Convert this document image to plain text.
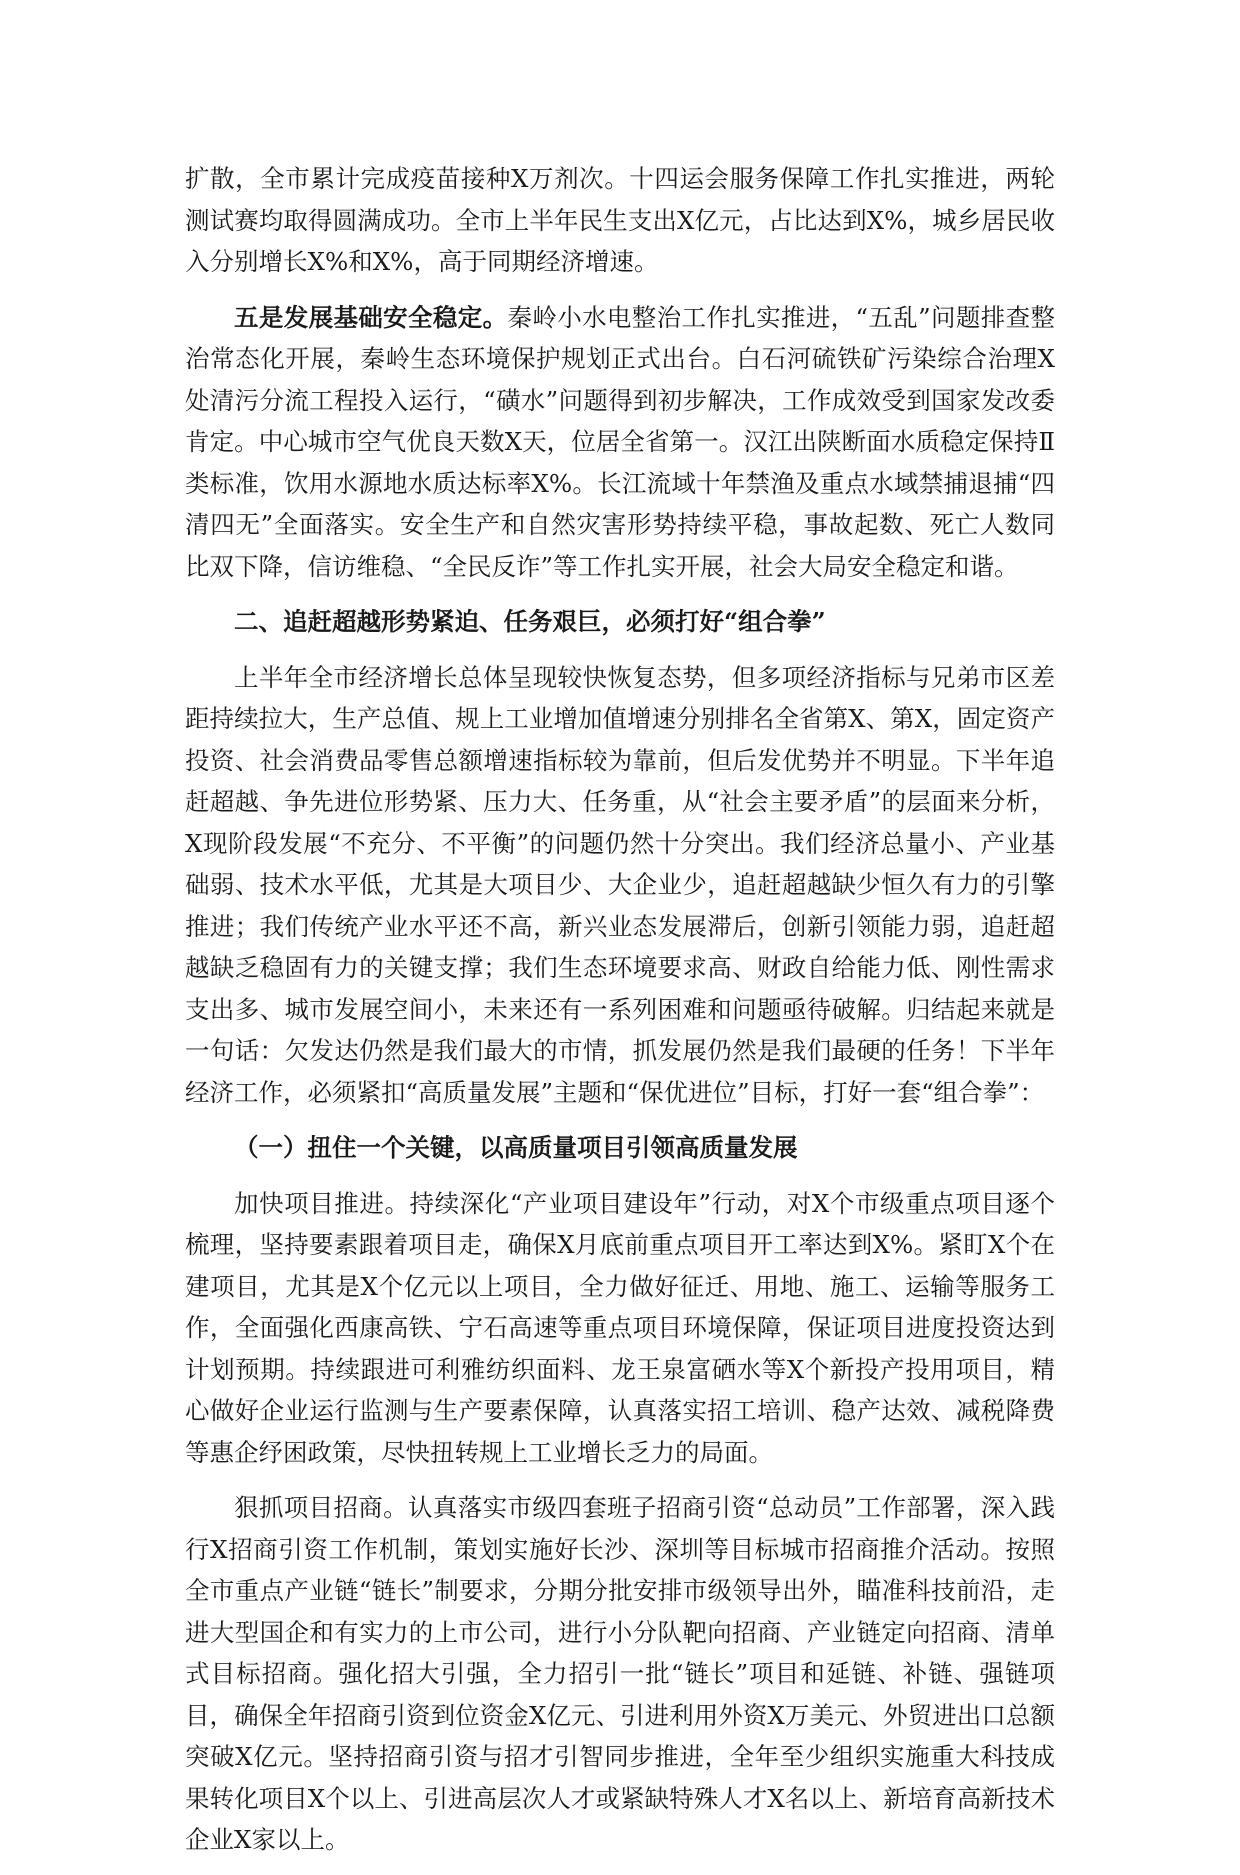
扩散，全市累计完成疫苗接种X万剂次。十四运会服务保障工作扎实推进，两轮测试赛均取得圆满成功。全市上半年民生支出X亿元，占比达到X%，城乡居民收入分别增长X%和X%，高于同期经济增速。

五是发展基础安全稳定。秦岭小水电整治工作扎实推进，“五乱”问题排查整治常态化开展，秦岭生态环境保护规划正式出台。白石河硫铁矿污染综合治理X处清污分流工程投入运行，“磺水”问题得到初步解决，工作成效受到国家发改委肯定。中心城市空气优良天数X天，位居全省第一。汉江出陕断面水质稳定保持Ⅱ类标准，饮用水源地水质达标率X%。长江流域十年禁渔及重点水域禁捕退捕“四清四无”全面落实。安全生产和自然灾害形势持续平稳，事故起数、死亡人数同比双下降，信访维稳、“全民反诈”等工作扎实开展，社会大局安全稳定和谐。

二、追赶超越形势紧迫、任务艰巨，必须打好“组合拳”

上半年全市经济增长总体呈现较快恢复态势，但多项经济指标与兄弟市区差距持续拉大，生产总值、规上工业增加值增速分别排名全省第X、第X，固定资产投资、社会消费品零售总额增速指标较为靠前，但后发优势并不明显。下半年追赶超越、争先进位形势紧、压力大、任务重，从“社会主要矛盾”的层面来分析，X现阶段发展“不充分、不平衡”的问题仍然十分突出。我们经济总量小、产业基础弱、技术水平低，尤其是大项目少、大企业少，追赶超越缺少恒久有力的引擎推进；我们传统产业水平还不高，新兴业态发展滞后，创新引领能力弱，追赶超越缺乏稳固有力的关键支撑；我们生态环境要求高、财政自给能力低、刚性需求支出多、城市发展空间小，未来还有一系列困难和问题亟待破解。归结起来就是一句话：欠发达仍然是我们最大的市情，抓发展仍然是我们最硬的任务！下半年经济工作，必须紧扣“高质量发展”主题和“保优进位”目标，打好一套“组合拳”：

（一）扭住一个关键，以高质量项目引领高质量发展

加快项目推进。持续深化“产业项目建设年”行动，对X个市级重点项目逐个梳理，坚持要素跟着项目走，确保X月底前重点项目开工率达到X%。紧盯X个在建项目，尤其是X个亿元以上项目，全力做好征迁、用地、施工、运输等服务工作，全面强化西康高铁、宁石高速等重点项目环境保障，保证项目进度投资达到计划预期。持续跟进可利雅纺织面料、龙王泉富硒水等X个新投产投用项目，精心做好企业运行监测与生产要素保障，认真落实招工培训、稳产达效、减税降费等惠企纾困政策，尽快扭转规上工业增长乏力的局面。

狠抓项目招商。认真落实市级四套班子招商引资“总动员”工作部署，深入践行X招商引资工作机制，策划实施好长沙、深圳等目标城市招商推介活动。按照全市重点产业链“链长”制要求，分期分批安排市级领导出外，瞄准科技前沿，走进大型国企和有实力的上市公司，进行小分队靶向招商、产业链定向招商、清单式目标招商。强化招大引强，全力招引一批“链长”项目和延链、补链、强链项目，确保全年招商引资到位资金X亿元、引进利用外资X万美元、外贸进出口总额突破X亿元。坚持招商引资与招才引智同步推进，全年至少组织实施重大科技成果转化项目X个以上、引进高层次人才或紧缺特殊人才X名以上、新培育高新技术企业X家以上。
